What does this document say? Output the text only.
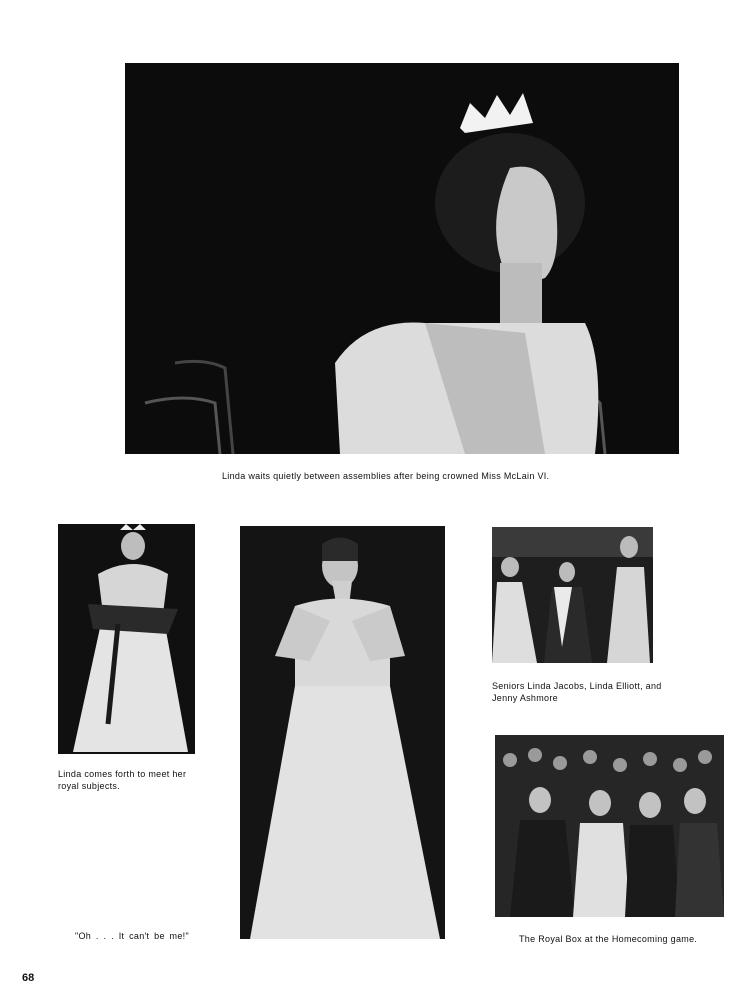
Linda waits quietly between assemblies after being crowned Miss McLain VI.
Linda comes forth to meet her royal subjects.
"Oh . . . It can't be me!"
Seniors Linda Jacobs, Linda Elliott, and Jenny Ashmore
The Royal Box at the Homecoming game.
68
